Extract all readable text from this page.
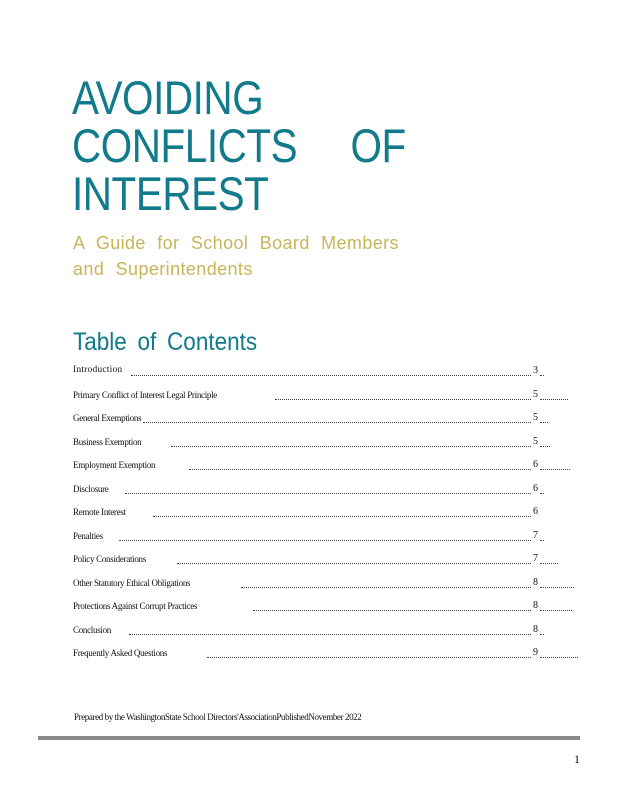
AVOIDING
CONFLICTS OF
INTEREST
A Guide for School Board Members
and Superintendents
Table of Contents
Introduction	3
Primary Conflict of Interest Legal Principle	5
General Exemptions	5
Business Exemption	5
Employment Exemption	6
Disclosure	6
Remote Interest	6
Penalties	7
Policy Considerations	7
Other Statutory Ethical Obligations	8
Protections Against Corrupt Practices	8
Conclusion	8
Frequently Asked Questions	9
Prepared by the WashingtonState School Directors'AssociationPublishedNovember 2022
1
